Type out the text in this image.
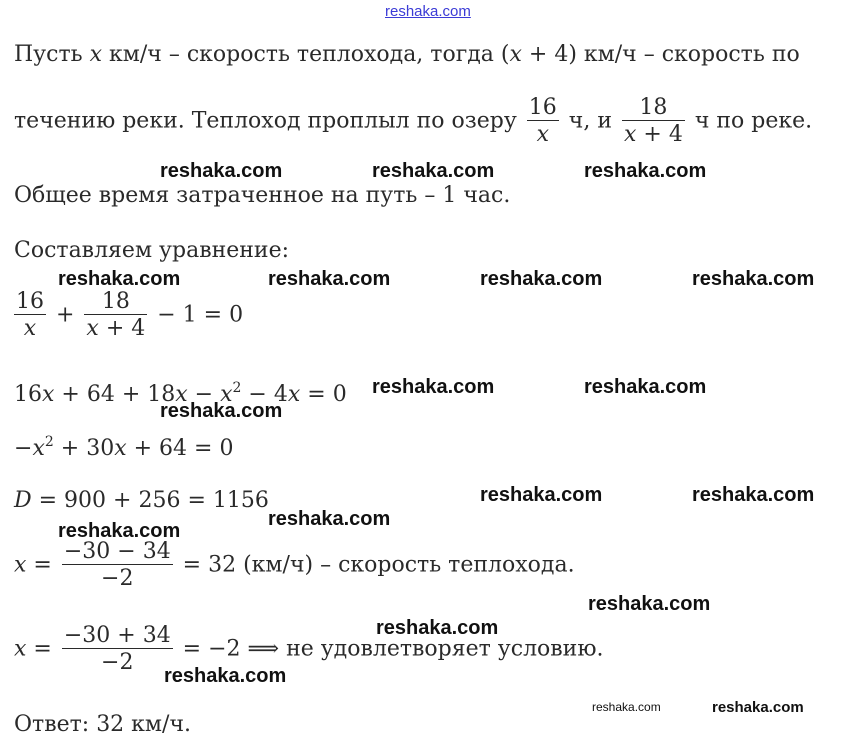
reshaka.com
Пусть x км/ч – скорость теплохода, тогда (x + 4) км/ч – скорость по
течению реки. Теплоход проплыл по озеру $\frac{16}{x} ч$, и $\frac{18}{x + 4}$ ч по реке.
Общее время затраченное на путь – 1 час.
Составляем уравнение:
$\frac{16}{x} + \frac{18}{x + 4} - 1 = 0$
$16x + 64 + 18x - x^2 - 4x = 0$
$-x^2 + 30x + 64 = 0$
D = 900 + 256 = 1156
$x = \frac{-30 - 34}{-2} = 32$ (км/ч) – скорость теплохода.
$x = \frac{-30 + 34}{-2} = -2$ ⟹ не удовлетворяет условию.
Ответ: 32 км/ч.
reshaka.com	reshaka.com	reshaka.com
reshaka.com	reshaka.com	reshaka.com	reshaka.com
reshaka.com	reshaka.com
reshaka.com
reshaka.com	reshaka.com
reshaka.com
reshaka.com
reshaka.com
reshaka.com
reshaka.com
reshaka.com	reshaka.com
